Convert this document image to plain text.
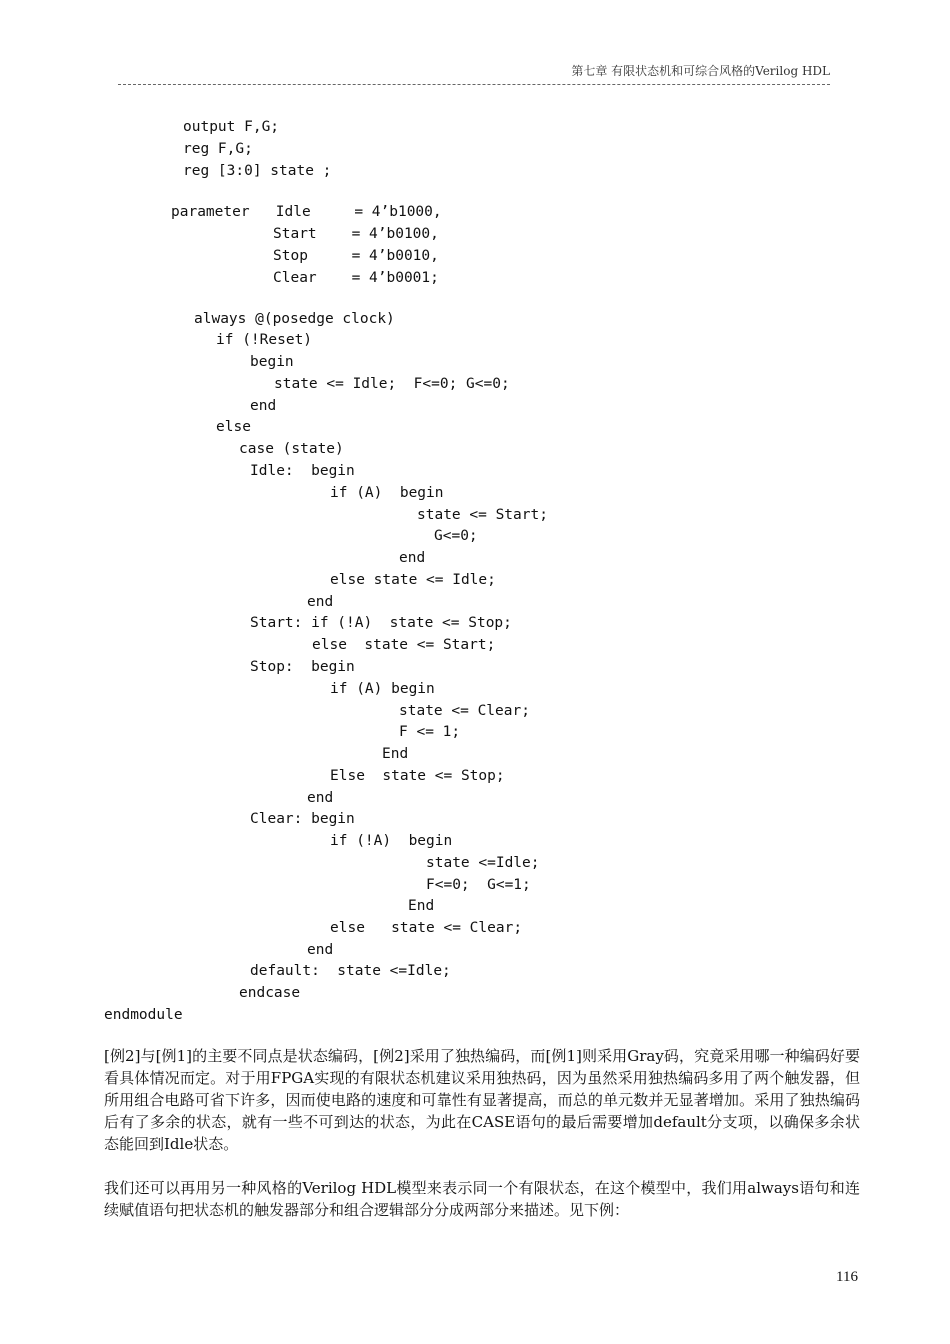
第七章 有限状态机和可综合风格的Verilog HDL
output F,G;
reg F,G;
reg [3:0] state ;
parameter   Idle     = 4’b1000,
Start    = 4’b0100,
Stop     = 4’b0010,
Clear    = 4’b0001;
always @(posedge clock)
if (!Reset)
begin
state <= Idle;  F<=0; G<=0;
end
else
case (state)
Idle:  begin
if (A)  begin
state <= Start;
G<=0;
end
else state <= Idle;
end
Start: if (!A)  state <= Stop;
else  state <= Start;
Stop:  begin
if (A) begin
state <= Clear;
F <= 1;
End
Else  state <= Stop;
end
Clear: begin
if (!A)  begin
state <=Idle;
F<=0;  G<=1;
End
else   state <= Clear;
end
default:  state <=Idle;
endcase
endmodule

[例2]与[例1]的主要不同点是状态编码，[例2]采用了独热编码，而[例1]则采用Gray码，究竟采用哪一种编码好要看具体情况而定。对于用FPGA实现的有限状态机建议采用独热码，因为虽然采用独热编码多用了两个触发器，但所用组合电路可省下许多，因而使电路的速度和可靠性有显著提高，而总的单元数并无显著增加。采用了独热编码后有了多余的状态，就有一些不可到达的状态，为此在CASE语句的最后需要增加default分支项，以确保多余状态能回到Idle状态。

我们还可以再用另一种风格的Verilog HDL模型来表示同一个有限状态，在这个模型中，我们用always语句和连续赋值语句把状态机的触发器部分和组合逻辑部分分成两部分来描述。见下例：

116
